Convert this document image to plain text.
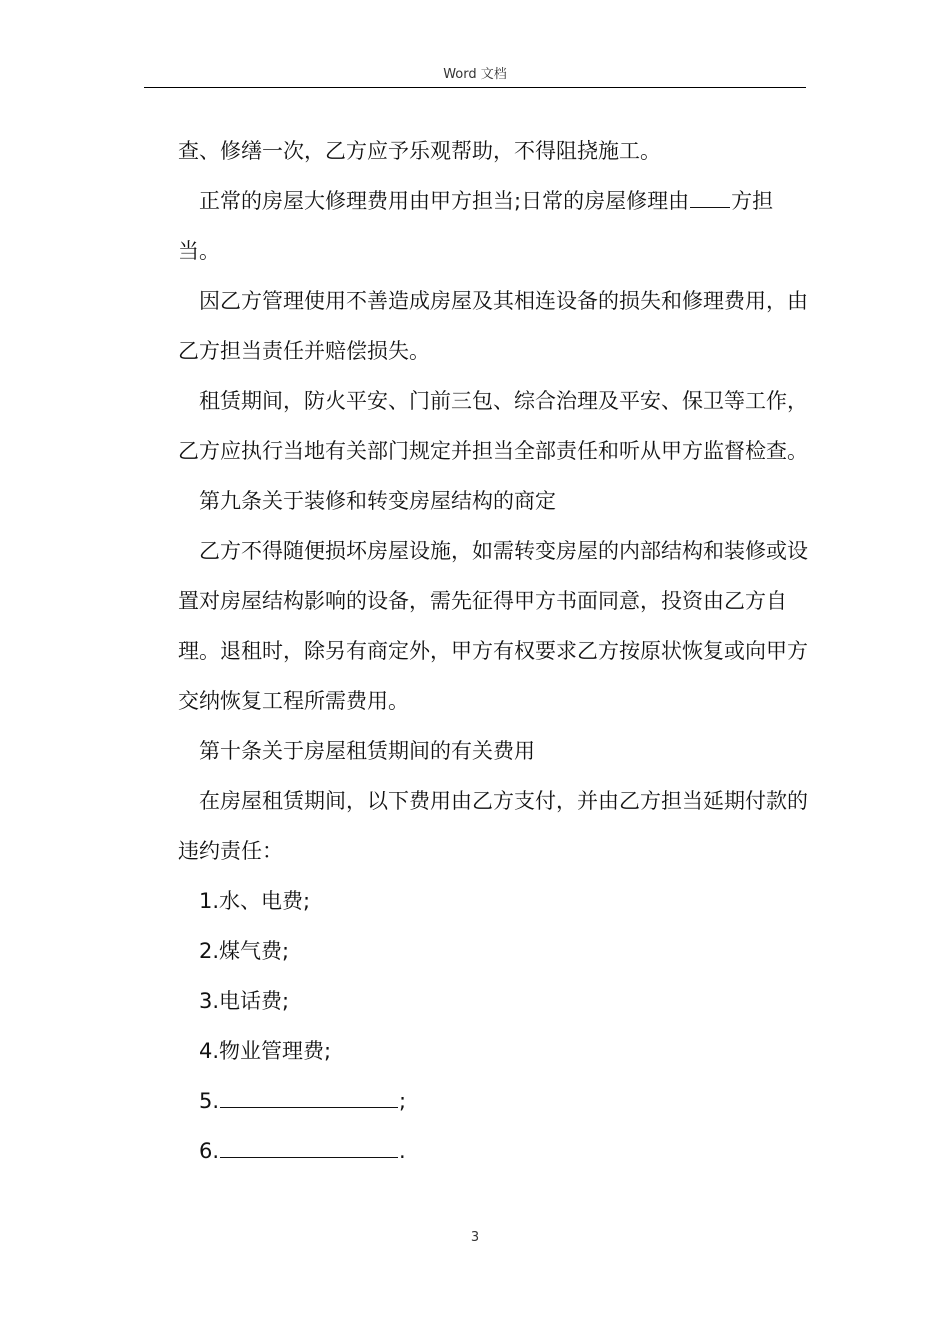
Word 文档

查、修缮一次，乙方应予乐观帮助，不得阻挠施工。

正常的房屋大修理费用由甲方担当;日常的房屋修理由 方担当。

因乙方管理使用不善造成房屋及其相连设备的损失和修理费用，由乙方担当责任并赔偿损失。

租赁期间，防火平安、门前三包、综合治理及平安、保卫等工作，乙方应执行当地有关部门规定并担当全部责任和听从甲方监督检查。

第九条关于装修和转变房屋结构的商定

乙方不得随便损坏房屋设施，如需转变房屋的内部结构和装修或设置对房屋结构影响的设备，需先征得甲方书面同意，投资由乙方自理。退租时，除另有商定外，甲方有权要求乙方按原状恢复或向甲方交纳恢复工程所需费用。

第十条关于房屋租赁期间的有关费用

在房屋租赁期间，以下费用由乙方支付，并由乙方担当延期付款的违约责任：

1.水、电费;

2.煤气费;

3.电话费;

4.物业管理费;

5.	;

6.	.

3
